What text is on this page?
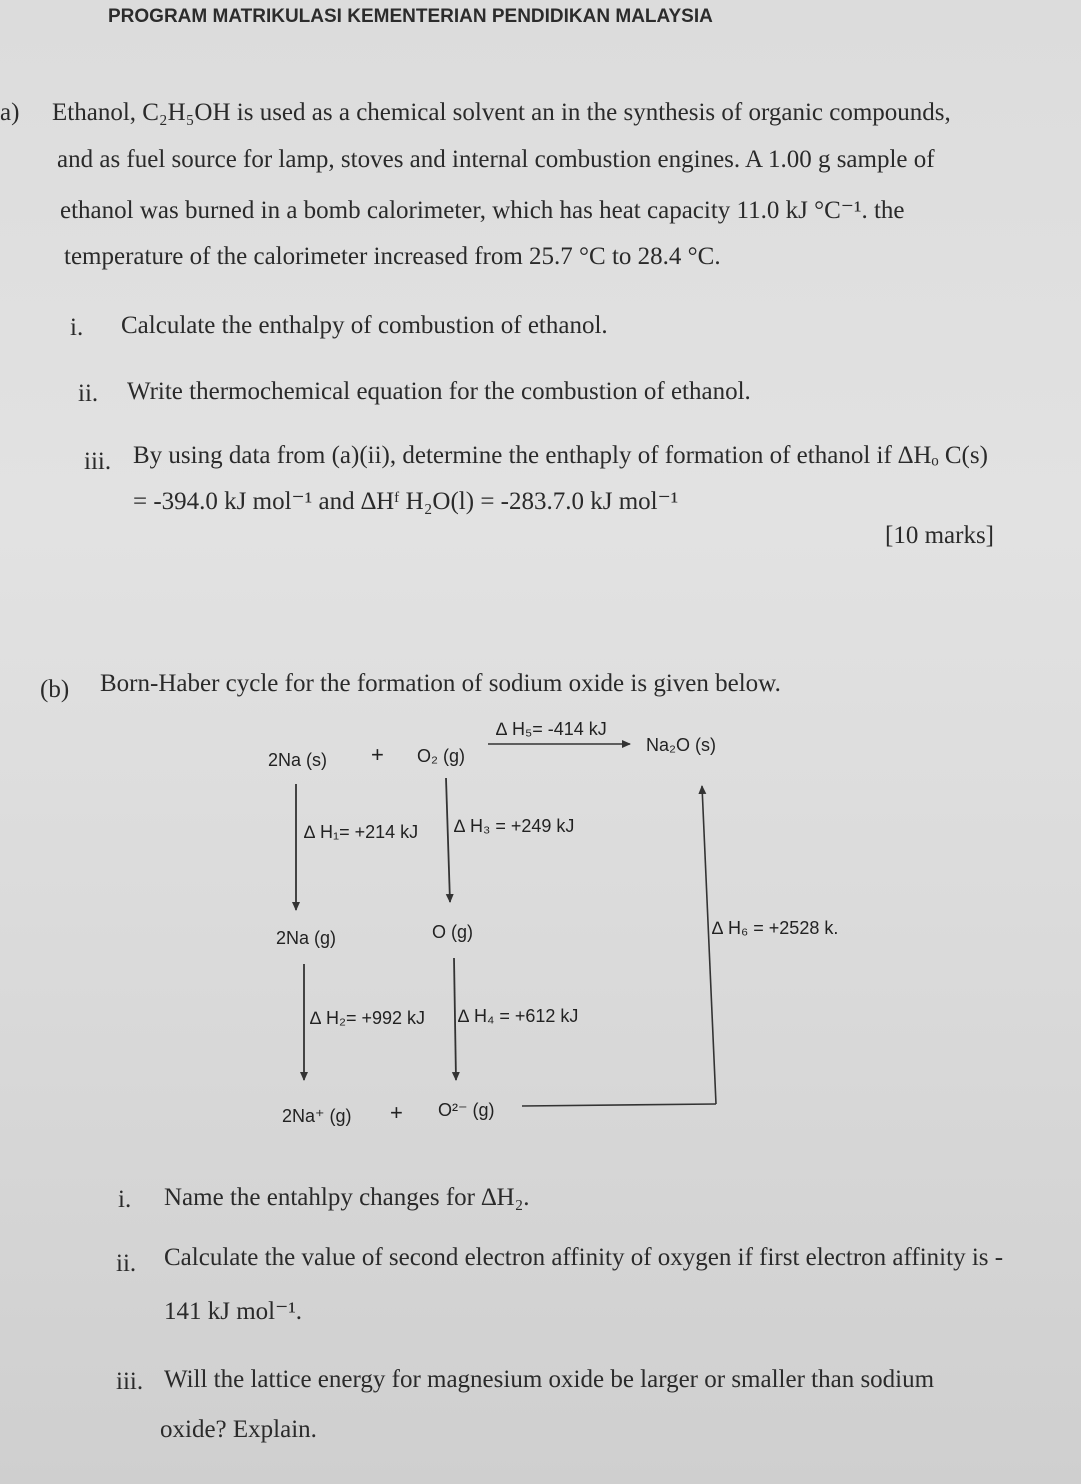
PROGRAM MATRIKULASI KEMENTERIAN PENDIDIKAN MALAYSIA
a) Ethanol, C₂H₅OH is used as a chemical solvent an in the synthesis of organic compounds,
and as fuel source for lamp, stoves and internal combustion engines. A 1.00 g sample of
ethanol was burned in a bomb calorimeter, which has heat capacity 11.0 kJ °C⁻¹. the
temperature of the calorimeter increased from 25.7 °C to 28.4 °C.
i. Calculate the enthalpy of combustion of ethanol.
ii. Write thermochemical equation for the combustion of ethanol.
iii. By using data from (a)(ii), determine the enthaply of formation of ethanol if ∆Hₒ C(s)
= -394.0 kJ mol⁻¹ and ∆Hᶠ H₂O(l) = -283.7.0 kJ mol⁻¹
[10 marks]
(b) Born-Haber cycle for the formation of sodium oxide is given below.
2Na (s) + O₂ (g)
∆ H₅= -414 kJ
Na₂O (s)
∆ H₁= +214 kJ ∆ H₃ = +249 kJ
2Na (g)	O (g)	∆ H₆ = +2528 k.
∆ H₂= +992 kJ ∆ H₄ = +612 kJ
2Na⁺ (g) + O²⁻ (g)
i. Name the entahlpy changes for ∆H₂.
ii. Calculate the value of second electron affinity of oxygen if first electron affinity is -
141 kJ mol⁻¹.
iii. Will the lattice energy for magnesium oxide be larger or smaller than sodium
oxide? Explain.
